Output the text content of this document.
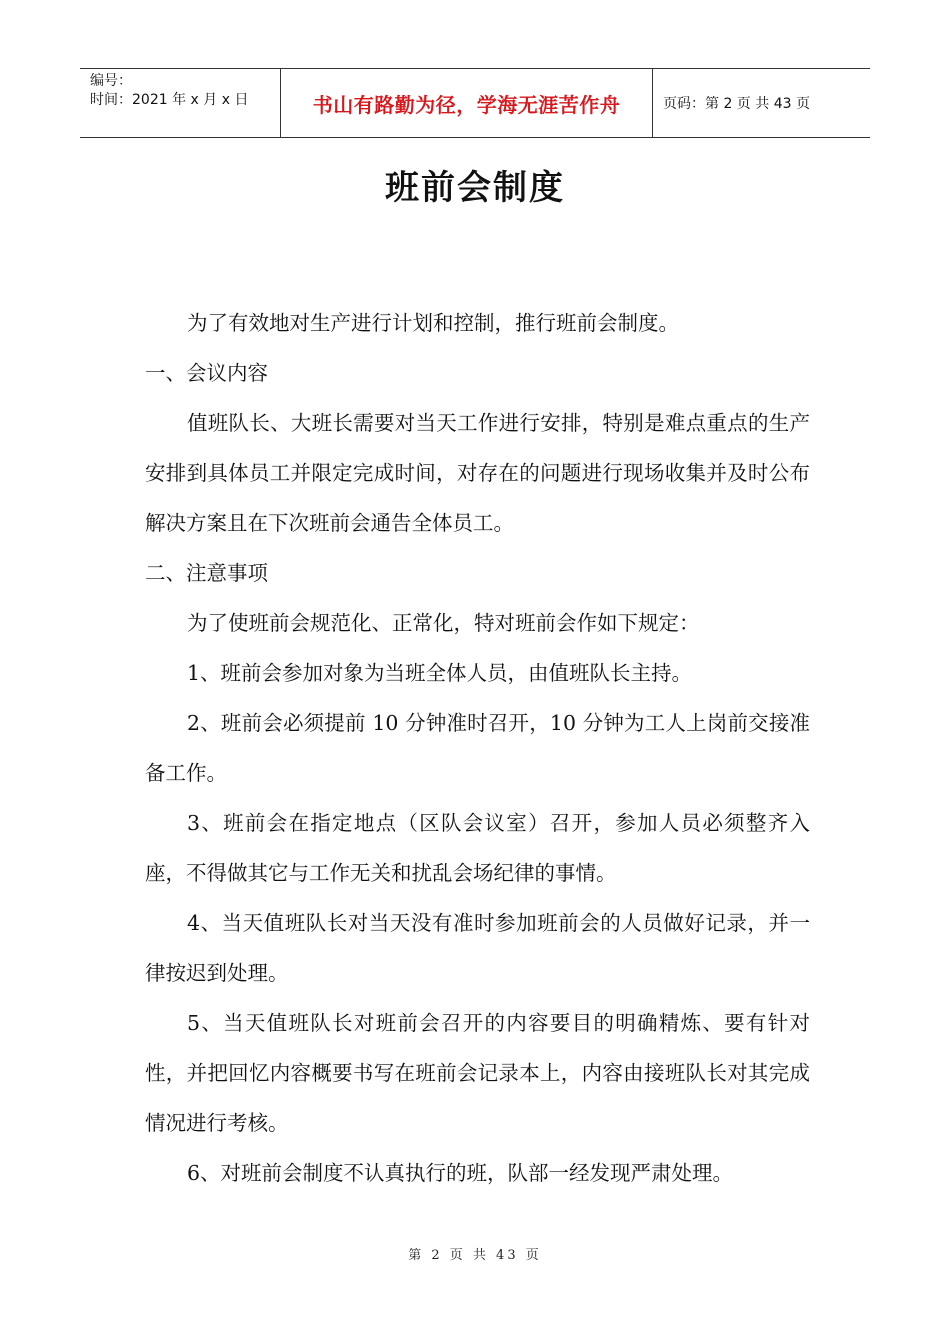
编号：
时间：2021 年 x 月 x 日	书山有路勤为径，学海无涯苦作舟	页码：第 2 页 共 43 页
班前会制度

为了有效地对生产进行计划和控制，推行班前会制度。

一、会议内容

值班队长、大班长需要对当天工作进行安排，特别是难点重点的生产安排到具体员工并限定完成时间，对存在的问题进行现场收集并及时公布解决方案且在下次班前会通告全体员工。

二、注意事项

为了使班前会规范化、正常化，特对班前会作如下规定：

1、班前会参加对象为当班全体人员，由值班队长主持。

2、班前会必须提前 10 分钟准时召开，10 分钟为工人上岗前交接准备工作。

3、班前会在指定地点（区队会议室）召开，参加人员必须整齐入座，不得做其它与工作无关和扰乱会场纪律的事情。

4、当天值班队长对当天没有准时参加班前会的人员做好记录，并一律按迟到处理。

5、当天值班队长对班前会召开的内容要目的明确精炼、要有针对性，并把回忆内容概要书写在班前会记录本上，内容由接班队长对其完成情况进行考核。

6、对班前会制度不认真执行的班，队部一经发现严肃处理。

第 2 页 共 43 页
